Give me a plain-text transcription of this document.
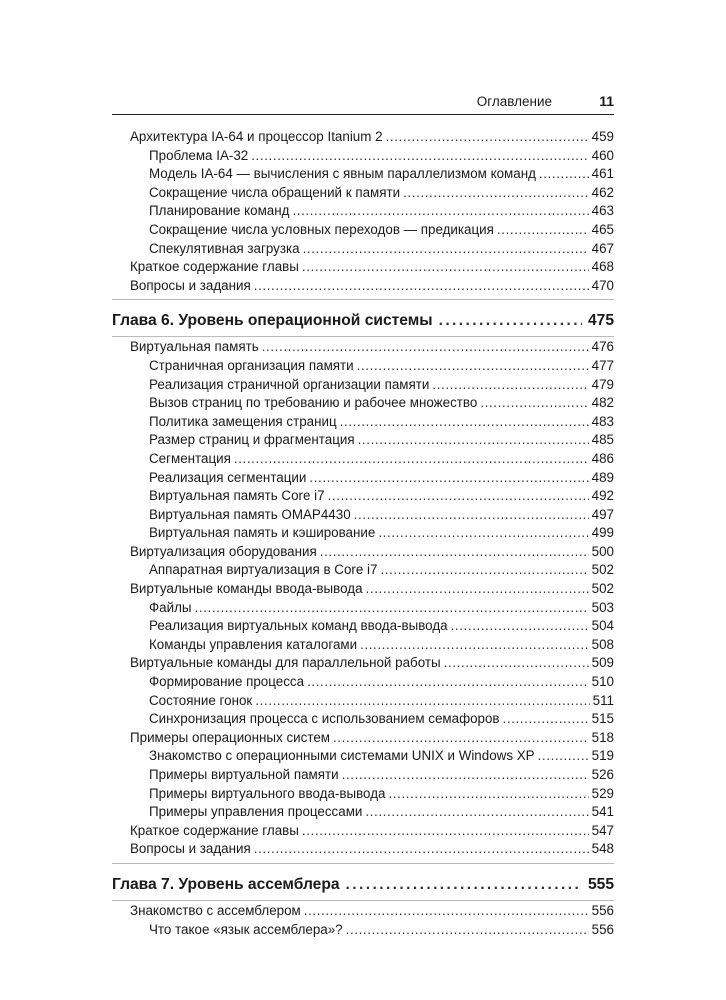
Оглавление	11
Архитектура IA-64 и процессор Itanium 2 .....	459
Проблема IA-32 .....	460
Модель IA-64 — вычисления с явным параллелизмом команд .....	461
Сокращение числа обращений к памяти .....	462
Планирование команд .....	463
Сокращение числа условных переходов — предикация .....	465
Спекулятивная загрузка .....	467
Краткое содержание главы .....	468
Вопросы и задания .....	470
Глава 6. Уровень операционной системы .....	475
Виртуальная память .....	476
Страничная организация памяти .....	477
Реализация страничной организации памяти .....	479
Вызов страниц по требованию и рабочее множество .....	482
Политика замещения страниц .....	483
Размер страниц и фрагментация .....	485
Сегментация .....	486
Реализация сегментации .....	489
Виртуальная память Core i7 .....	492
Виртуальная память OMAP4430 .....	497
Виртуальная память и кэширование .....	499
Виртуализация оборудования .....	500
Аппаратная виртуализация в Core i7 .....	502
Виртуальные команды ввода-вывода .....	502
Файлы .....	503
Реализация виртуальных команд ввода-вывода .....	504
Команды управления каталогами .....	508
Виртуальные команды для параллельной работы .....	509
Формирование процесса .....	510
Состояние гонок .....	511
Синхронизация процесса с использованием семафоров .....	515
Примеры операционных систем .....	518
Знакомство с операционными системами UNIX и Windows XP .....	519
Примеры виртуальной памяти .....	526
Примеры виртуального ввода-вывода .....	529
Примеры управления процессами .....	541
Краткое содержание главы .....	547
Вопросы и задания .....	548
Глава 7. Уровень ассемблера .....	555
Знакомство с ассемблером .....	556
Что такое «язык ассемблера»? .....	556
